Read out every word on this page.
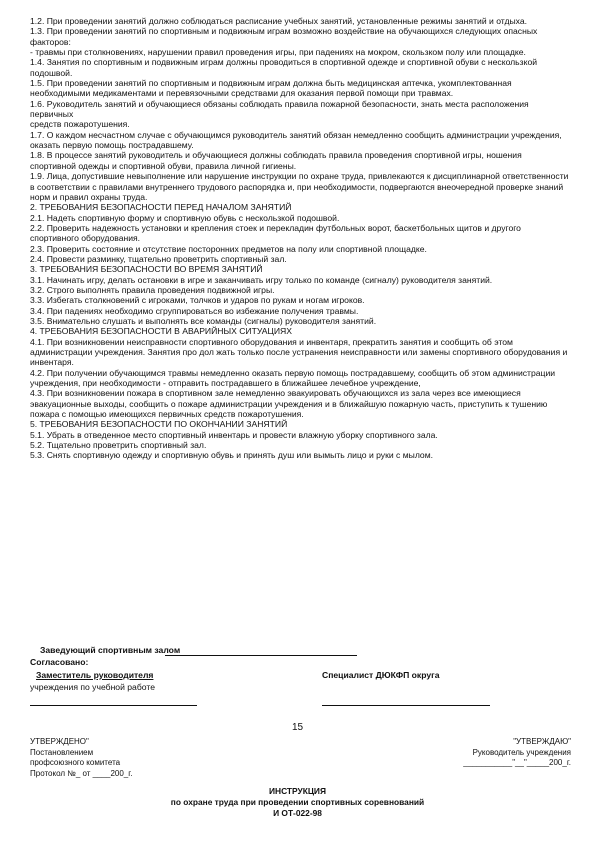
1.2. При проведении занятий должно соблюдаться расписание учебных занятий, установленные режимы занятий и отдыха.

1.3. При проведении занятий по спортивным и подвижным играм возможно воздействие на обучающихся следующих опасных факторов:

- травмы при столкновениях, нарушении правил проведения игры, при падениях на мокром, скользком полу или площадке.

1.4. Занятия по спортивным и подвижным играм должны проводиться в спортивной одежде и спортивной обуви с нескользкой подошвой.

1.5. При проведении занятий по спортивным и подвижным играм должна быть медицинская аптечка, укомплектованная необходимыми медикаментами и перевязочными средствами для оказания первой помощи при травмах.

1.6. Руководитель занятий и обучающиеся обязаны соблюдать правила пожарной безопасности, знать места расположения первичных

средств пожаротушения.

1.7. О каждом несчастном случае с обучающимся руководитель занятий обязан немедленно сообщить администрации учреждения, оказать первую помощь пострадавшему.

1.8. В процессе занятий руководитель и обучающиеся должны соблюдать правила проведения спортивной игры, ношения спортивной одежды и спортивной обуви, правила личной гигиены.

1.9. Лица, допустившие невыполнение или нарушение инструкции по охране труда, привлекаются к дисциплинарной ответственности в соответствии с правилами внутреннего трудового распорядка и, при необходимости, подвергаются внеочередной проверке знаний норм и правил охраны труда.

2. ТРЕБОВАНИЯ БЕЗОПАСНОСТИ ПЕРЕД НАЧАЛОМ ЗАНЯТИЙ

2.1. Надеть спортивную форму и спортивную обувь с нескользкой подошвой.

2.2. Проверить надежность установки и крепления стоек и перекладин футбольных ворот, баскетбольных щитов и другого спортивного оборудования.

2.3. Проверить состояние и отсутствие посторонних предметов на полу или спортивной площадке.

2.4. Провести разминку, тщательно проветрить спортивный зал.

3. ТРЕБОВАНИЯ БЕЗОПАСНОСТИ ВО ВРЕМЯ ЗАНЯТИЙ

3.1. Начинать игру, делать остановки в игре и заканчивать игру только по команде (сигналу) руководителя занятий.

3.2. Строго выполнять правила проведения подвижной игры.

3.3. Избегать столкновений с игроками, толчков и ударов по рукам и ногам игроков.

3.4. При падениях необходимо сгруппироваться во избежание получения травмы.

3.5. Внимательно слушать и выполнять все команды (сигналы) руководителя занятий.

4. ТРЕБОВАНИЯ БЕЗОПАСНОСТИ В АВАРИЙНЫХ СИТУАЦИЯХ

4.1. При возникновении неисправности спортивного оборудования и инвентаря, прекратить занятия и сообщить об этом администрации учреждения. Занятия про дол жать только после устранения неисправности или замены спортивного оборудования и инвентаря.

4.2. При получении обучающимся травмы немедленно оказать первую помощь пострадавшему, сообщить об этом администрации учреждения, при необходимости - отправить пострадавшего в ближайшее лечебное учреждение,

4.3. При возникновении пожара в спортивном зале немедленно эвакуировать обучающихся из зала через все имеющиеся эвакуационные выходы, сообщить о пожаре администрации учреждения и в ближайшую пожарную часть, приступить к тушению пожара с помощью имеющихся первичных средств пожаротушения.

5. ТРЕБОВАНИЯ БЕЗОПАСНОСТИ ПО ОКОНЧАНИИ ЗАНЯТИЙ

5.1. Убрать в отведенное место спортивный инвентарь и провести влажную уборку спортивного зала.

5.2. Тщательно проветрить спортивный зал.

5.3. Снять спортивную одежду и спортивную обувь и принять душ или вымыть лицо и руки с мылом.

Заведующий спортивным залом
Согласовано:
Заместитель руководителя
учреждения по учебной работе
Специалист ДЮКФП округа
15
УТВЕРЖДЕНО"
Постановлением
профсоюзного комитета
Протокол №_ от ____200_г.
"УТВЕРЖДАЮ"
Руководитель учреждения
___________"__"_____200_г.
ИНСТРУКЦИЯ
по охране труда при проведении спортивных соревнований
И ОТ-022-98
